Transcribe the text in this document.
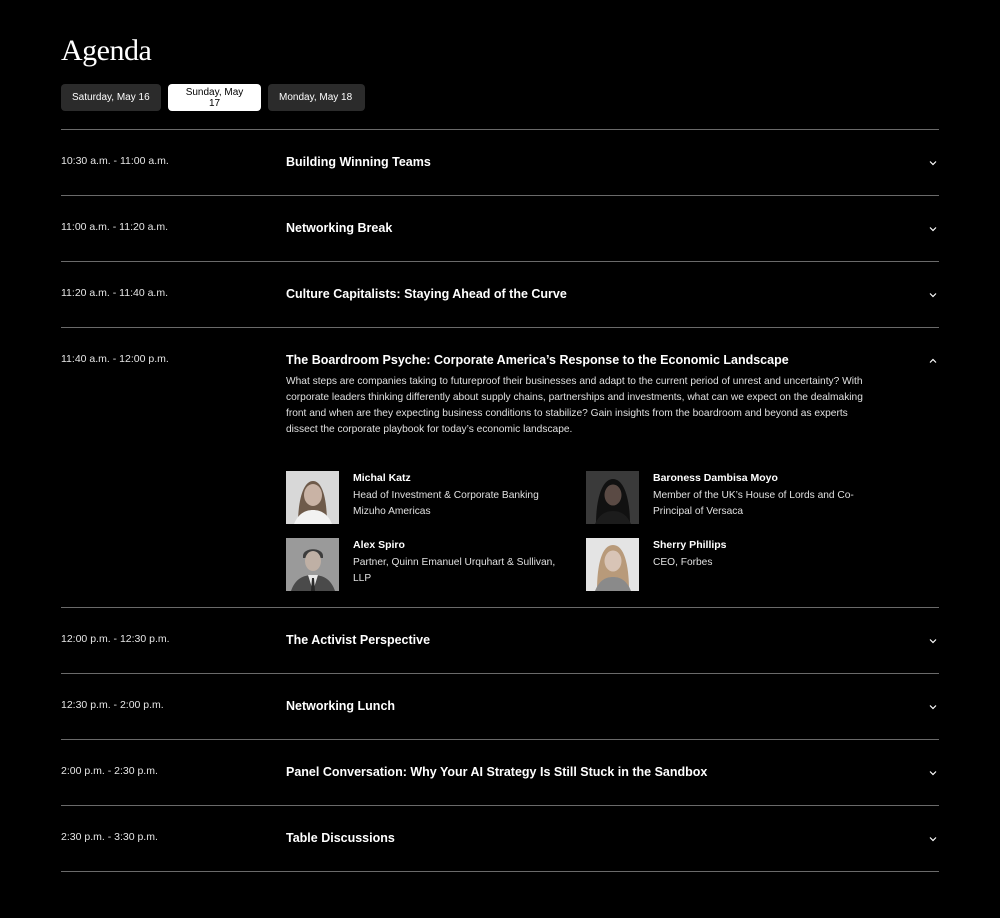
Agenda
Saturday, May 16	Sunday, May 17	Monday, May 18
10:30 a.m. - 11:00 a.m.	Building Winning Teams
11:00 a.m. - 11:20 a.m.	Networking Break
11:20 a.m. - 11:40 a.m.	Culture Capitalists: Staying Ahead of the Curve
11:40 a.m. - 12:00 p.m.	The Boardroom Psyche: Corporate America’s Response to the Economic Landscape

What steps are companies taking to futureproof their businesses and adapt to the current period of unrest and uncertainty? With corporate leaders thinking differently about supply chains, partnerships and investments, what can we expect on the dealmaking front and when are they expecting business conditions to stabilize? Gain insights from the boardroom and beyond as experts dissect the corporate playbook for today’s economic landscape.

Michal Katz

Head of Investment & Corporate Banking Mizuho Americas

Baroness Dambisa Moyo

Member of the UK’s House of Lords and Co-Principal of Versaca

Alex Spiro

Partner, Quinn Emanuel Urquhart & Sullivan, LLP

Sherry Phillips

CEO, Forbes

12:00 p.m. - 12:30 p.m.	The Activist Perspective
12:30 p.m. - 2:00 p.m.	Networking Lunch
2:00 p.m. - 2:30 p.m.	Panel Conversation: Why Your AI Strategy Is Still Stuck in the Sandbox
2:30 p.m. - 3:30 p.m.	Table Discussions
